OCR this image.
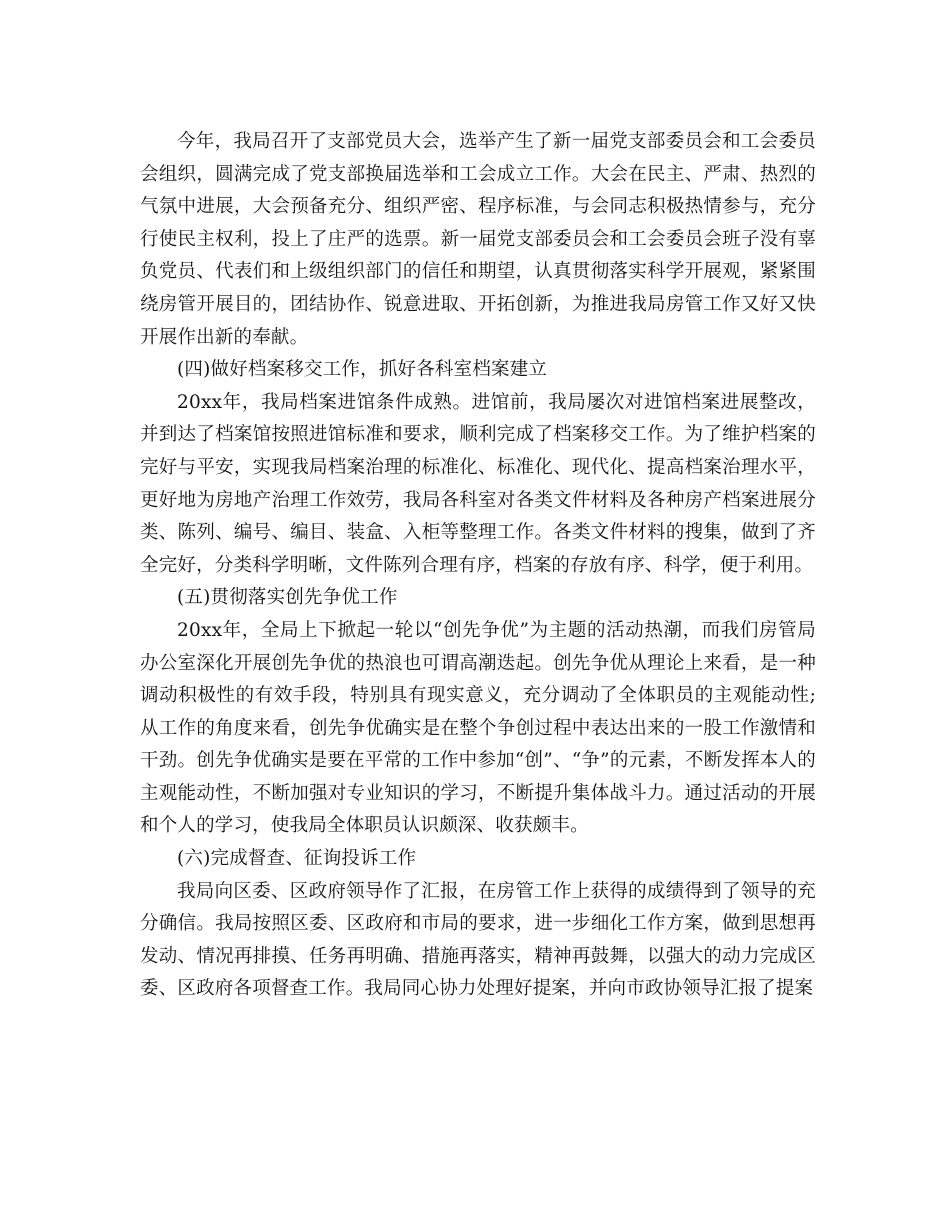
今年，我局召开了支部党员大会，选举产生了新一届党支部委员会和工会委员会组织，圆满完成了党支部换届选举和工会成立工作。大会在民主、严肃、热烈的气氛中进展，大会预备充分、组织严密、程序标准，与会同志积极热情参与，充分行使民主权利，投上了庄严的选票。新一届党支部委员会和工会委员会班子没有辜负党员、代表们和上级组织部门的信任和期望，认真贯彻落实科学开展观，紧紧围绕房管开展目的，团结协作、锐意进取、开拓创新，为推进我局房管工作又好又快开展作出新的奉献。

(四)做好档案移交工作，抓好各科室档案建立

20xx年，我局档案进馆条件成熟。进馆前，我局屡次对进馆档案进展整改，并到达了档案馆按照进馆标准和要求，顺利完成了档案移交工作。为了维护档案的完好与平安，实现我局档案治理的标准化、标准化、现代化、提高档案治理水平，更好地为房地产治理工作效劳，我局各科室对各类文件材料及各种房产档案进展分类、陈列、编号、编目、装盒、入柜等整理工作。各类文件材料的搜集，做到了齐全完好，分类科学明晰，文件陈列合理有序，档案的存放有序、科学，便于利用。

(五)贯彻落实创先争优工作

20xx年，全局上下掀起一轮以“创先争优”为主题的活动热潮，而我们房管局办公室深化开展创先争优的热浪也可谓高潮迭起。创先争优从理论上来看，是一种调动积极性的有效手段，特别具有现实意义，充分调动了全体职员的主观能动性;从工作的角度来看，创先争优确实是在整个争创过程中表达出来的一股工作激情和干劲。创先争优确实是要在平常的工作中参加“创”、“争”的元素，不断发挥本人的主观能动性，不断加强对专业知识的学习，不断提升集体战斗力。通过活动的开展和个人的学习，使我局全体职员认识颇深、收获颇丰。

(六)完成督查、征询投诉工作

我局向区委、区政府领导作了汇报，在房管工作上获得的成绩得到了领导的充分确信。我局按照区委、区政府和市局的要求，进一步细化工作方案，做到思想再发动、情况再排摸、任务再明确、措施再落实，精神再鼓舞，以强大的动力完成区委、区政府各项督查工作。我局同心协力处理好提案，并向市政协领导汇报了提案
